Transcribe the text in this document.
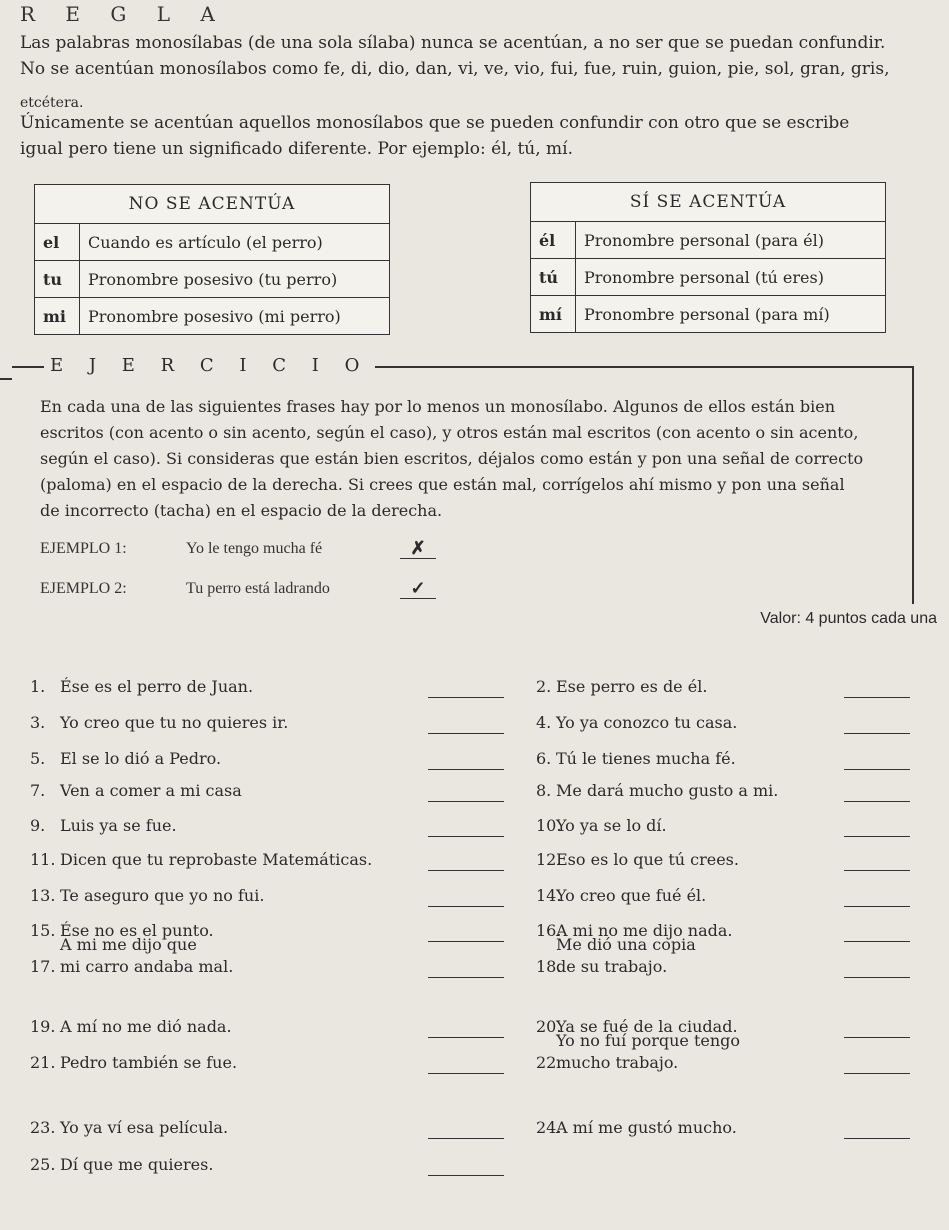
R E G L A
Las palabras monosílabas (de una sola sílaba) nunca se acentúan, a no ser que se puedan confundir.
No se acentúan monosílabos como fe, di, dio, dan, vi, ve, vio, fui, fue, ruin, guion, pie, sol, gran, gris,
etcétera.
Únicamente se acentúan aquellos monosílabos que se pueden confundir con otro que se escribe
igual pero tiene un significado diferente. Por ejemplo: él, tú, mí.
NO SE ACENTÚA	
el	Cuando es artículo (el perro)
tu	Pronombre posesivo (tu perro)
mi	Pronombre posesivo (mi perro)
SÍ SE ACENTÚA	
él	Pronombre personal (para él)
tú	Pronombre personal (tú eres)
mí	Pronombre personal (para mí)
E J E R C I C I O
En cada una de las siguientes frases hay por lo menos un monosílabo. Algunos de ellos están bien
escritos (con acento o sin acento, según el caso), y otros están mal escritos (con acento o sin acento,
según el caso). Si consideras que están bien escritos, déjalos como están y pon una señal de correcto
(paloma) en el espacio de la derecha. Si crees que están mal, corrígelos ahí mismo y pon una señal
de incorrecto (tacha) en el espacio de la derecha.
EJEMPLO 1:	Yo le tengo mucha fé	✗
EJEMPLO 2:	Tu perro está ladrando	✓
Valor: 4 puntos cada una
1. Ése es el perro de Juan.	2. Ese perro es de él.
3. Yo creo que tu no quieres ir.	4. Yo ya conozco tu casa.
5. El se lo dió a Pedro.	6. Tú le tienes mucha fé.
7. Ven a comer a mi casa	8. Me dará mucho gusto a mi.
9. Luis ya se fue.	10.
Yo ya se lo dí.
11. Dicen que tu reprobaste Matemáticas.	12.
Eso es lo que tú crees.
13. Te aseguro que yo no fui.	14.
Yo creo que fué él.
15. Ése no es el punto.	16.
A mi no me dijo nada.
17.
A mi me dijo que
mi carro andaba mal.	18.
Me dió una copia
de su trabajo.
19. A mí no me dió nada.	20.
Ya se fué de la ciudad.
21. Pedro también se fue.	22.
Yo no fuí porque tengo
mucho trabajo.
23. Yo ya ví esa película.	24.
A mí me gustó mucho.
25. Dí que me quieres.
